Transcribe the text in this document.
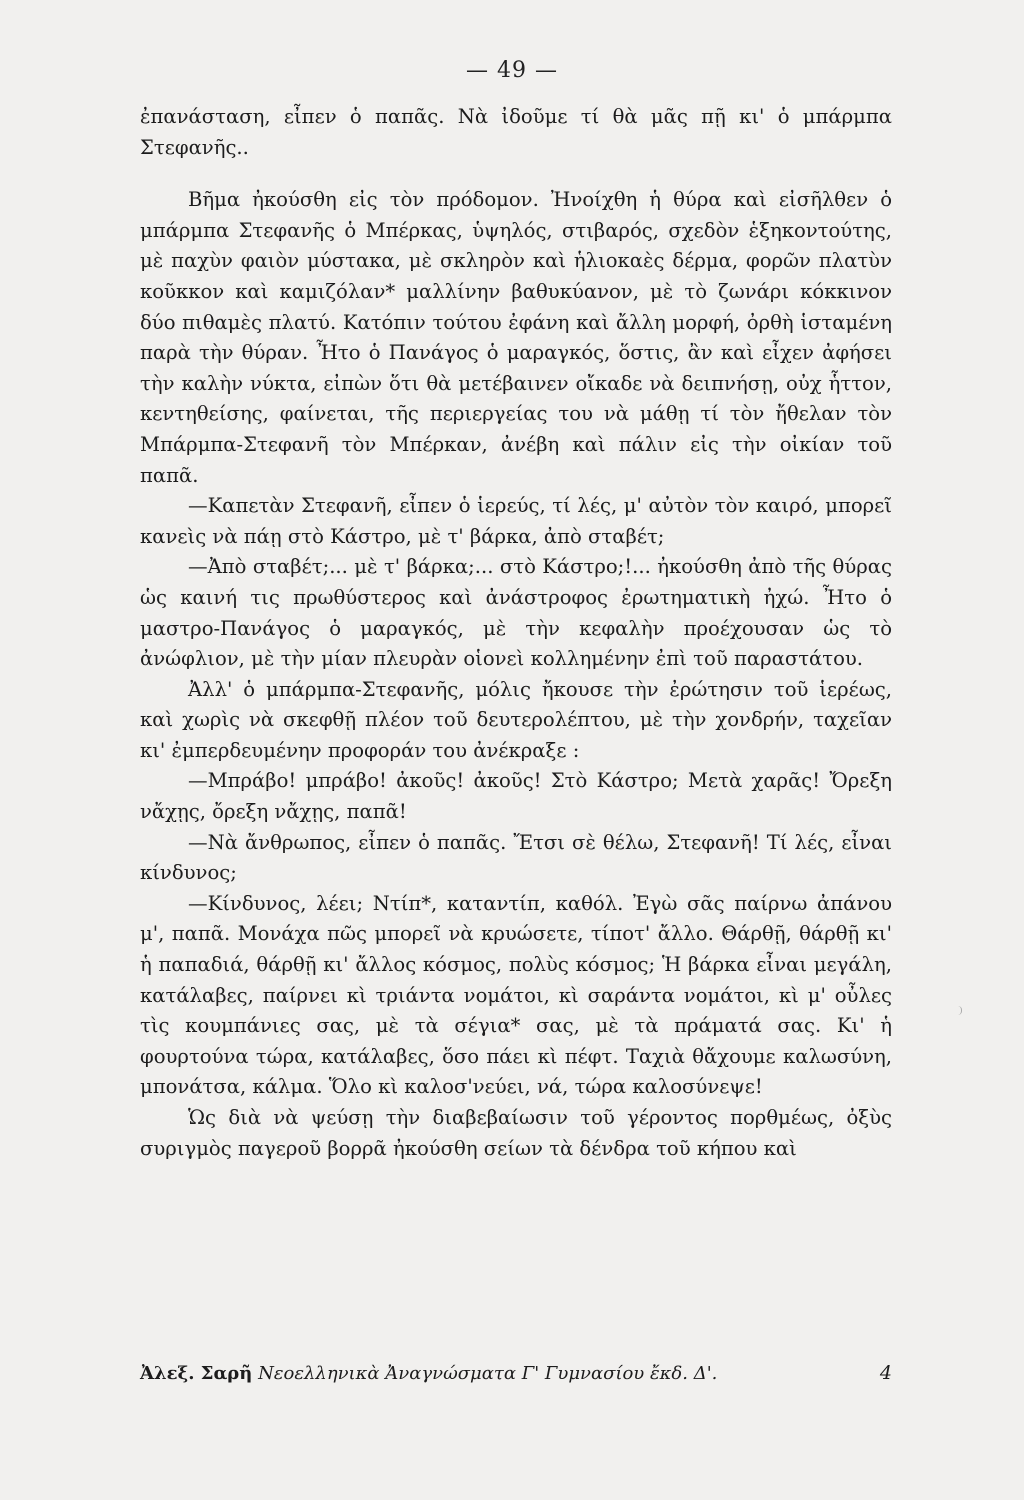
— 49 —

ἐπανάσταση, εἶπεν ὁ παπᾶς. Νὰ ἰδοῦμε τί θὰ μᾶς πῇ κι' ὁ μπάρμπα Στεφανῆς..

Βῆμα ἠκούσθη εἰς τὸν πρόδομον. Ἠνοίχθη ἡ θύρα καὶ εἰσῆλθεν ὁ μπάρμπα Στεφανῆς ὁ Μπέρκας, ὑψηλός, στιβαρός, σχεδὸν ἑξηκοντούτης, μὲ παχὺν φαιὸν μύστακα, μὲ σκληρὸν καὶ ἡλιοκαὲς δέρμα, φορῶν πλατὺν κοῦκκον καὶ καμιζόλαν* μαλλίνην βαθυκύανον, μὲ τὸ ζωνάρι κόκκινον δύο πιθαμὲς πλατύ. Κατόπιν τούτου ἐφάνη καὶ ἄλλη μορφή, ὀρθὴ ἱσταμένη παρὰ τὴν θύραν. Ἦτο ὁ Πανάγος ὁ μαραγκός, ὅστις, ἂν καὶ εἶχεν ἀφήσει τὴν καλὴν νύκτα, εἰπὼν ὅτι θὰ μετέβαινεν οἴκαδε νὰ δειπνήσῃ, οὐχ ἧττον, κεντηθείσης, φαίνεται, τῆς περιεργείας του νὰ μάθῃ τί τὸν ἤθελαν τὸν Μπάρμπα-Στεφανῆ τὸν Μπέρκαν, ἀνέβη καὶ πάλιν εἰς τὴν οἰκίαν τοῦ παπᾶ.

—Καπετὰν Στεφανῆ, εἶπεν ὁ ἱερεύς, τί λές, μ' αὐτὸν τὸν καιρό, μπορεῖ κανεὶς νὰ πάῃ στὸ Κάστρο, μὲ τ' βάρκα, ἀπὸ σταβέτ;

—Ἀπὸ σταβέτ;... μὲ τ' βάρκα;... στὸ Κάστρο;!... ἠκούσθη ἀπὸ τῆς θύρας ὡς καινή τις πρωθύστερος καὶ ἀνάστροφος ἐρωτηματικὴ ἠχώ. Ἦτο ὁ μαστρο-Πανάγος ὁ μαραγκός, μὲ τὴν κεφαλὴν προέχουσαν ὡς τὸ ἀνώφλιον, μὲ τὴν μίαν πλευρὰν οἱονεὶ κολλημένην ἐπὶ τοῦ παραστάτου.

Ἀλλ' ὁ μπάρμπα-Στεφανῆς, μόλις ἤκουσε τὴν ἐρώτησιν τοῦ ἱερέως, καὶ χωρὶς νὰ σκεφθῇ πλέον τοῦ δευτερολέπτου, μὲ τὴν χονδρήν, ταχεῖαν κι' ἐμπερδευμένην προφοράν του ἀνέκραξε :

—Μπράβο! μπράβο! ἀκοῦς! ἀκοῦς! Στὸ Κάστρο; Μετὰ χαρᾶς! Ὄρεξη νἄχῃς, ὄρεξη νἄχῃς, παπᾶ!

—Νὰ ἄνθρωπος, εἶπεν ὁ παπᾶς. Ἔτσι σὲ θέλω, Στεφανῆ! Τί λές, εἶναι κίνδυνος;

—Κίνδυνος, λέει; Ντίπ*, καταντίπ, καθόλ. Ἐγὼ σᾶς παίρνω ἀπάνου μ', παπᾶ. Μονάχα πῶς μπορεῖ νὰ κρυώσετε, τίποτ' ἄλλο. Θάρθῇ, θάρθῇ κι' ἡ παπαδιά, θάρθῇ κι' ἄλλος κόσμος, πολὺς κόσμος; Ἡ βάρκα εἶναι μεγάλη, κατάλαβες, παίρνει κὶ τριάντα νομάτοι, κὶ σαράντα νομάτοι, κὶ μ' οὖλες τὶς κουμπάνιες σας, μὲ τὰ σέγια* σας, μὲ τὰ πράματά σας. Κι' ἡ φουρτούνα τώρα, κατάλαβες, ὅσο πάει κὶ πέφτ. Ταχιὰ θἄχουμε καλωσύνη, μπονάτσα, κάλμα. Ὅλο κὶ καλοσ'νεύει, νά, τώρα καλοσύνεψε!

Ὡς διὰ νὰ ψεύσῃ τὴν διαβεβαίωσιν τοῦ γέροντος πορθμέως, ὀξὺς συριγμὸς παγεροῦ βορρᾶ ἠκούσθη σείων τὰ δένδρα τοῦ κήπου καὶ

Ἀλεξ. Σαρῆ Νεοελληνικὰ Ἀναγνώσματα Γ' Γυμνασίου ἔκδ. Δ'.	4
